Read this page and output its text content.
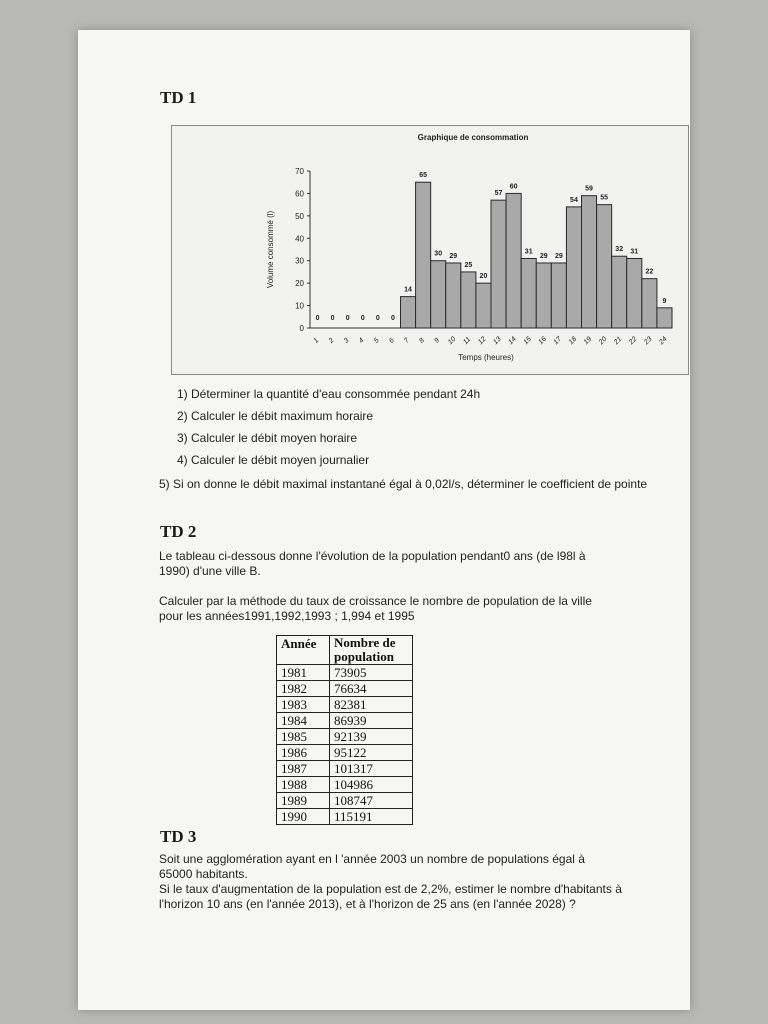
TD 1
Graphique de consommation
0
10
20
30
40
50
60
70
Volume consommé (l)
0
1
0
2
0
3
0
4
0
5
0
6
14
7
65
8
30
9
29
10
25
11
20
12
57
13
60
14
31
15
29
16
29
17
54
18
59
19
55
20
32
21
31
22
22
23
9
24
Temps (heures)
1) Déterminer la quantité d'eau consommée pendant 24h
2) Calculer le débit maximum horaire
3) Calculer le débit moyen horaire
4) Calculer le débit moyen journalier
5) Si on donne le débit maximal instantané égal à 0,02l/s, déterminer le coefficient de pointe
TD 2
Le tableau ci-dessous donne l'évolution de la population pendant0 ans (de l98l à 1990) d'une ville B.
Calculer par la méthode du taux de croissance le nombre de population de la ville pour les années1991,1992,1993 ; 1,994 et 1995
Année	Nombre de population
1981	73905
1982	76634
1983	82381
1984	86939
1985	92139
1986	95122
1987	101317
1988	104986
1989	108747
1990	115191
TD 3
Soit une agglomération ayant en l 'année 2003 un nombre de populations égal à 65000 habitants.
Si le taux d'augmentation de la population est de 2,2%, estimer le nombre d'habitants à l'horizon 10 ans (en l'année 2013), et à l'horizon de 25 ans (en l'année 2028) ?
